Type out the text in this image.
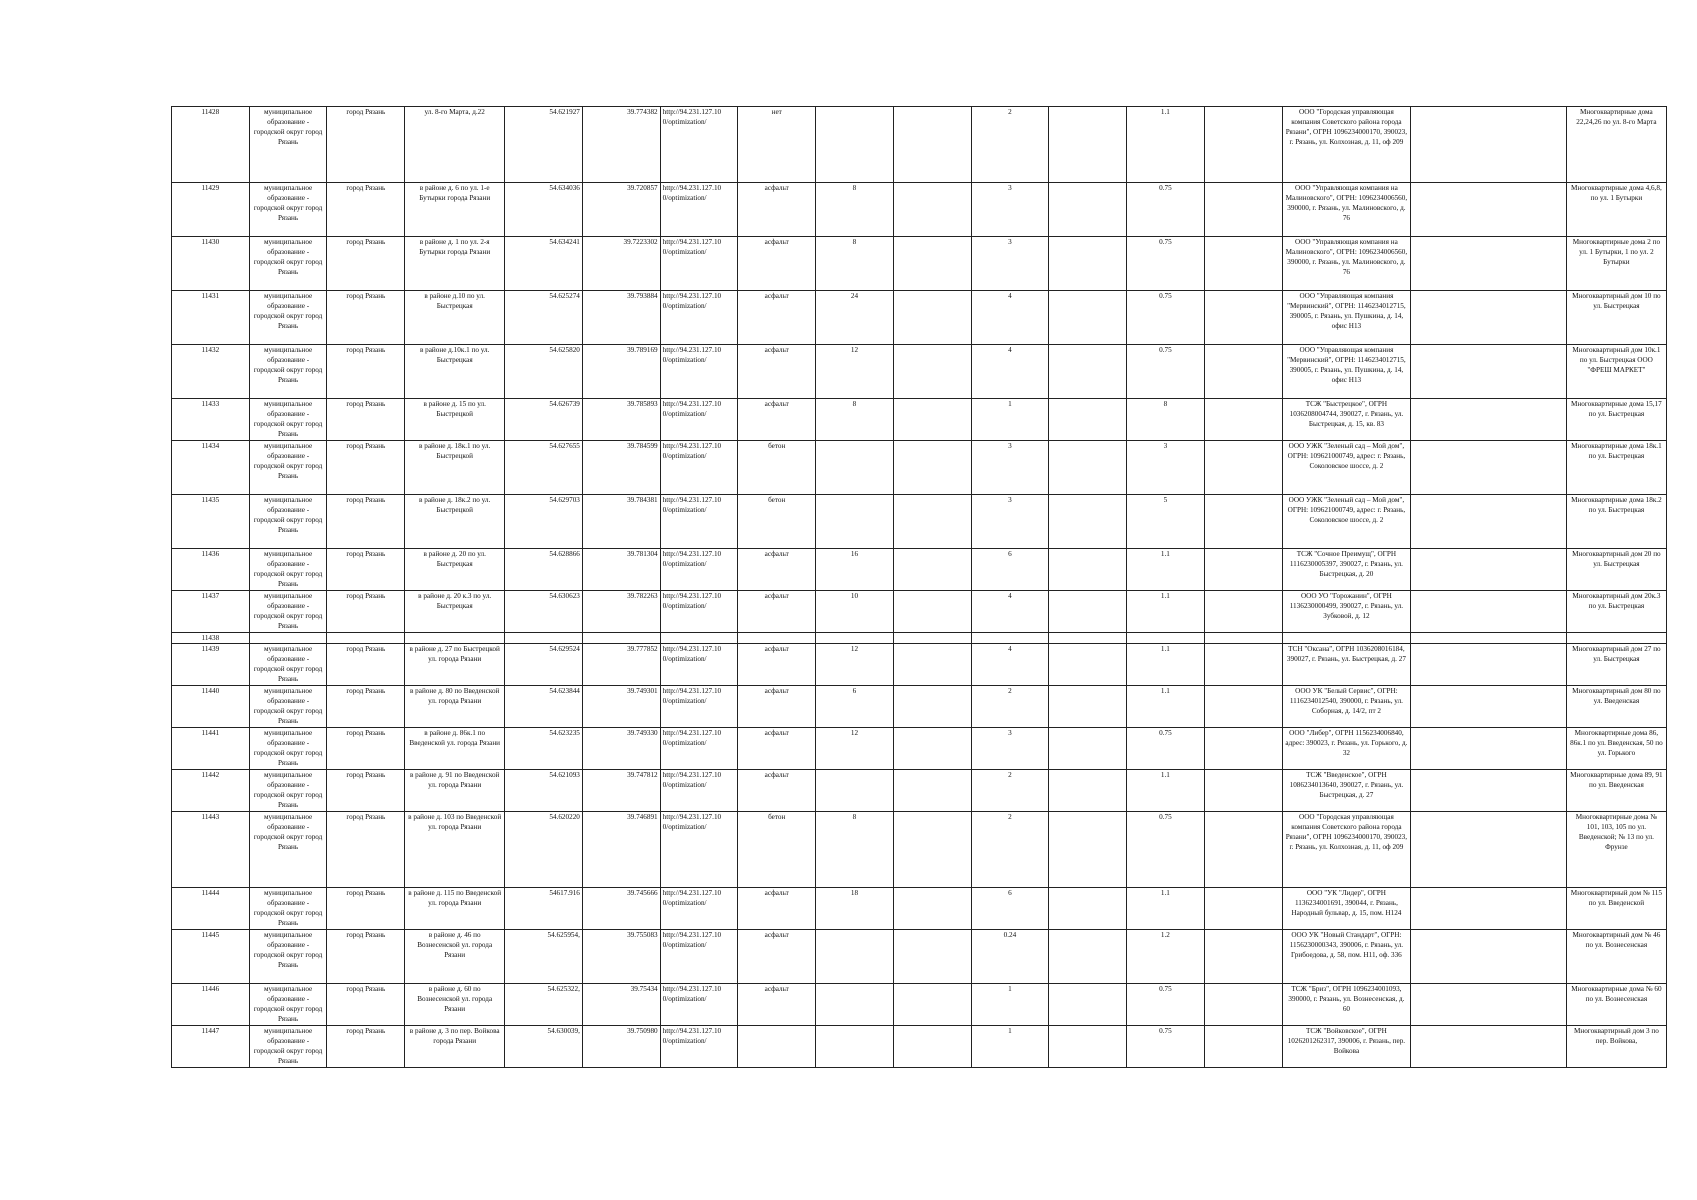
11428	муниципальное образование - городской округ город Рязань	город Рязань	ул. 8-го Марта, д.22	54.621927	39.774382	http://94.231.127.10 0/optimization/	нет			2		1.1		ООО "Городская управляющая компания Советского района города Рязани", ОГРН 1096234000170, 390023, г. Рязань, ул. Колхозная, д. 11, оф 209		Многоквартирные дома 22,24,26 по ул. 8-го Марта
11429	муниципальное образование - городской округ город Рязань	город Рязань	в районе д. 6 по ул. 1-е Бутырки города Рязани	54.634036	39.720857	http://94.231.127.10 0/optimization/	асфальт	8		3		0.75		ООО "Управляющая компания на Малиновского", ОГРН: 1096234006560, 390000, г. Рязань, ул. Малиновского, д. 76		Многоквартирные дома 4,6,8, по ул. 1 Бутырки
11430	муниципальное образование - городской округ город Рязань	город Рязань	в районе д. 1 по ул. 2-я Бутырки города Рязани	54.634241	39.7223302	http://94.231.127.10 0/optimization/	асфальт	8		3		0.75		ООО "Управляющая компания на Малиновского", ОГРН: 1096234006560, 390000, г. Рязань, ул. Малиновского, д. 76		Многоквартирные дома 2 по ул. 1 Бутырки, 1 по ул. 2 Бутырки
11431	муниципальное образование - городской округ город Рязань	город Рязань	в районе д.10 по ул. Быстрецкая	54.625274	39.793884	http://94.231.127.10 0/optimization/	асфальт	24		4		0.75		ООО "Управляющая компания "Мервинский", ОГРН: 1146234012715, 390005, г. Рязань, ул. Пушкина, д. 14, офис Н13		Многоквартирный дом 10 по ул. Быстрецкая
11432	муниципальное образование - городской округ город Рязань	город Рязань	в районе д.10к.1 по ул. Быстрецкая	54.625820	39.789169	http://94.231.127.10 0/optimization/	асфальт	12		4		0.75		ООО "Управляющая компания "Мервинский", ОГРН: 1146234012715, 390005, г. Рязань, ул. Пушкина, д. 14, офис Н13		Многоквартирный дом 10к.1 по ул. Быстрецкая ООО "ФРЕШ МАРКЕТ"
11433	муниципальное образование - городской округ город Рязань	город Рязань	в районе д. 15 по ул. Быстрецкой	54.626739	39.785893	http://94.231.127.10 0/optimization/	асфальт	8		1		8		ТСЖ "Быстрецкое", ОГРН 1036208004744, 390027, г. Рязань, ул. Быстрецкая, д. 15, кв. 83		Многоквартирные дома 15,17 по ул. Быстрецкая
11434	муниципальное образование - городской округ город Рязань	город Рязань	в районе д. 18к.1 по ул. Быстрецкой	54.627655	39.784599	http://94.231.127.10 0/optimization/	бетон			3		3		ООО УЖК "Зеленый сад – Мой дом", ОГРН: 109621000749, адрес: г. Рязань, Соколовское шоссе, д. 2		Многоквартирные дома 18к.1 по ул. Быстрецкая
11435	муниципальное образование - городской округ город Рязань	город Рязань	в районе д. 18к.2 по ул. Быстрецкой	54.629703	39.784381	http://94.231.127.10 0/optimization/	бетон			3		5		ООО УЖК "Зеленый сад – Мой дом", ОГРН: 109621000749, адрес: г. Рязань, Соколовское шоссе, д. 2		Многоквартирные дома 18к.2 по ул. Быстрецкая
11436	муниципальное образование - городской округ город Рязань	город Рязань	в районе д. 20 по ул. Быстрецкая	54.628866	39.781304	http://94.231.127.10 0/optimization/	асфальт	16		6		1.1		ТСЖ "Сочное Преимущ", ОГРН 1116230005397, 390027, г. Рязань, ул. Быстрецкая, д. 20		Многоквартирный дом 20 по ул. Быстрецкая
11437	муниципальное образование - городской округ город Рязань	город Рязань	в районе д. 20 к.3 по ул. Быстрецкая	54.630623	39.782263	http://94.231.127.10 0/optimization/	асфальт	10		4		1.1		ООО УО "Горожанин", ОГРН 1136230000499, 390027, г. Рязань, ул. Зубковой, д. 12		Многоквартирный дом 20к.3 по ул. Быстрецкая
11438																
11439	муниципальное образование - городской округ город Рязань	город Рязань	в районе д. 27 по Быстрецкой ул. города Рязани	54.629524	39.777852	http://94.231.127.10 0/optimization/	асфальт	12		4		1.1		ТСН "Оксана", ОГРН 1036208016184, 390027, г. Рязань, ул. Быстрецкая, д. 27		Многоквартирный дом 27 по ул. Быстрецкая
11440	муниципальное образование - городской округ город Рязань	город Рязань	в районе д. 80 по Введенской ул. города Рязани	54.623844	39.749301	http://94.231.127.10 0/optimization/	асфальт	6		2		1.1		ООО УК "Белый Сервис", ОГРН: 1116234012540, 390000, г. Рязань, ул. Соборная, д. 14/2, пт 2		Многоквартирный дом 80 по ул. Введенская
11441	муниципальное образование - городской округ город Рязань	город Рязань	в районе д. 86к.1 по Введенской ул. города Рязани	54.623235	39.749330	http://94.231.127.10 0/optimization/	асфальт	12		3		0.75		ООО "Либер", ОГРН 1156234006840, адрес: 390023, г. Рязань, ул. Горького, д. 32		Многоквартирные дома 86, 86к.1 по ул. Введенская, 50 по ул. Горького
11442	муниципальное образование - городской округ город Рязань	город Рязань	в районе д. 91 по Введенской ул. города Рязани	54.621093	39.747812	http://94.231.127.10 0/optimization/	асфальт			2		1.1		ТСЖ "Введенское", ОГРН 1086234013640, 390027, г. Рязань, ул. Быстрецкая, д. 27		Многоквартирные дома 89, 91 по ул. Введенская
11443	муниципальное образование - городской округ город Рязань	город Рязань	в районе д. 103 по Введенской ул. города Рязани	54.620220	39.746891	http://94.231.127.10 0/optimization/	бетон	8		2		0.75		ООО "Городская управляющая компания Советского района города Рязани", ОГРН 1096234000170, 390023, г. Рязань, ул. Колхозная, д. 11, оф 209		Многоквартирные дома № 101, 103, 105 по ул. Введенской; № 13 по ул. Фрунзе
11444	муниципальное образование - городской округ город Рязань	город Рязань	в районе д. 115 по Введенской ул. города Рязани	54617.916	39.745666	http://94.231.127.10 0/optimization/	асфальт	18		6		1.1		ООО "УК "Лидер", ОГРН 1136234001691, 390044, г. Рязань, Народный бульвар, д. 15, пом. Н124		Многоквартирный дом № 115 по ул. Введенской
11445	муниципальное образование - городской округ город Рязань	город Рязань	в районе д. 46 по Вознесенской ул. города Рязани	54.625954,	39.755083	http://94.231.127.10 0/optimization/	асфальт			0.24		1.2		ООО УК "Новый Стандарт", ОГРН: 1156230000343, 390006, г. Рязань, ул. Грибоедова, д. 58, пом. Н11, оф. 336		Многоквартирный дом № 46 по ул. Вознесенская
11446	муниципальное образование - городской округ город Рязань	город Рязань	в районе д. 60 по Вознесенской ул. города Рязани	54.625322,	39.75434	http://94.231.127.10 0/optimization/	асфальт			1		0.75		ТСЖ "Бриз", ОГРН 1096234001093, 390000, г. Рязань, ул. Вознесенская, д. 60		Многоквартирные дома № 60 по ул. Вознесенская
11447	муниципальное образование - городской округ город Рязань	город Рязань	в районе д. 3 по пер. Войкова города Рязани	54.630039,	39.750980	http://94.231.127.10 0/optimization/				1		0.75		ТСЖ "Войковское", ОГРН 1026201262317, 390006, г. Рязань, пер. Войкова		Многоквартирный дом 3 по пер. Войкова,
